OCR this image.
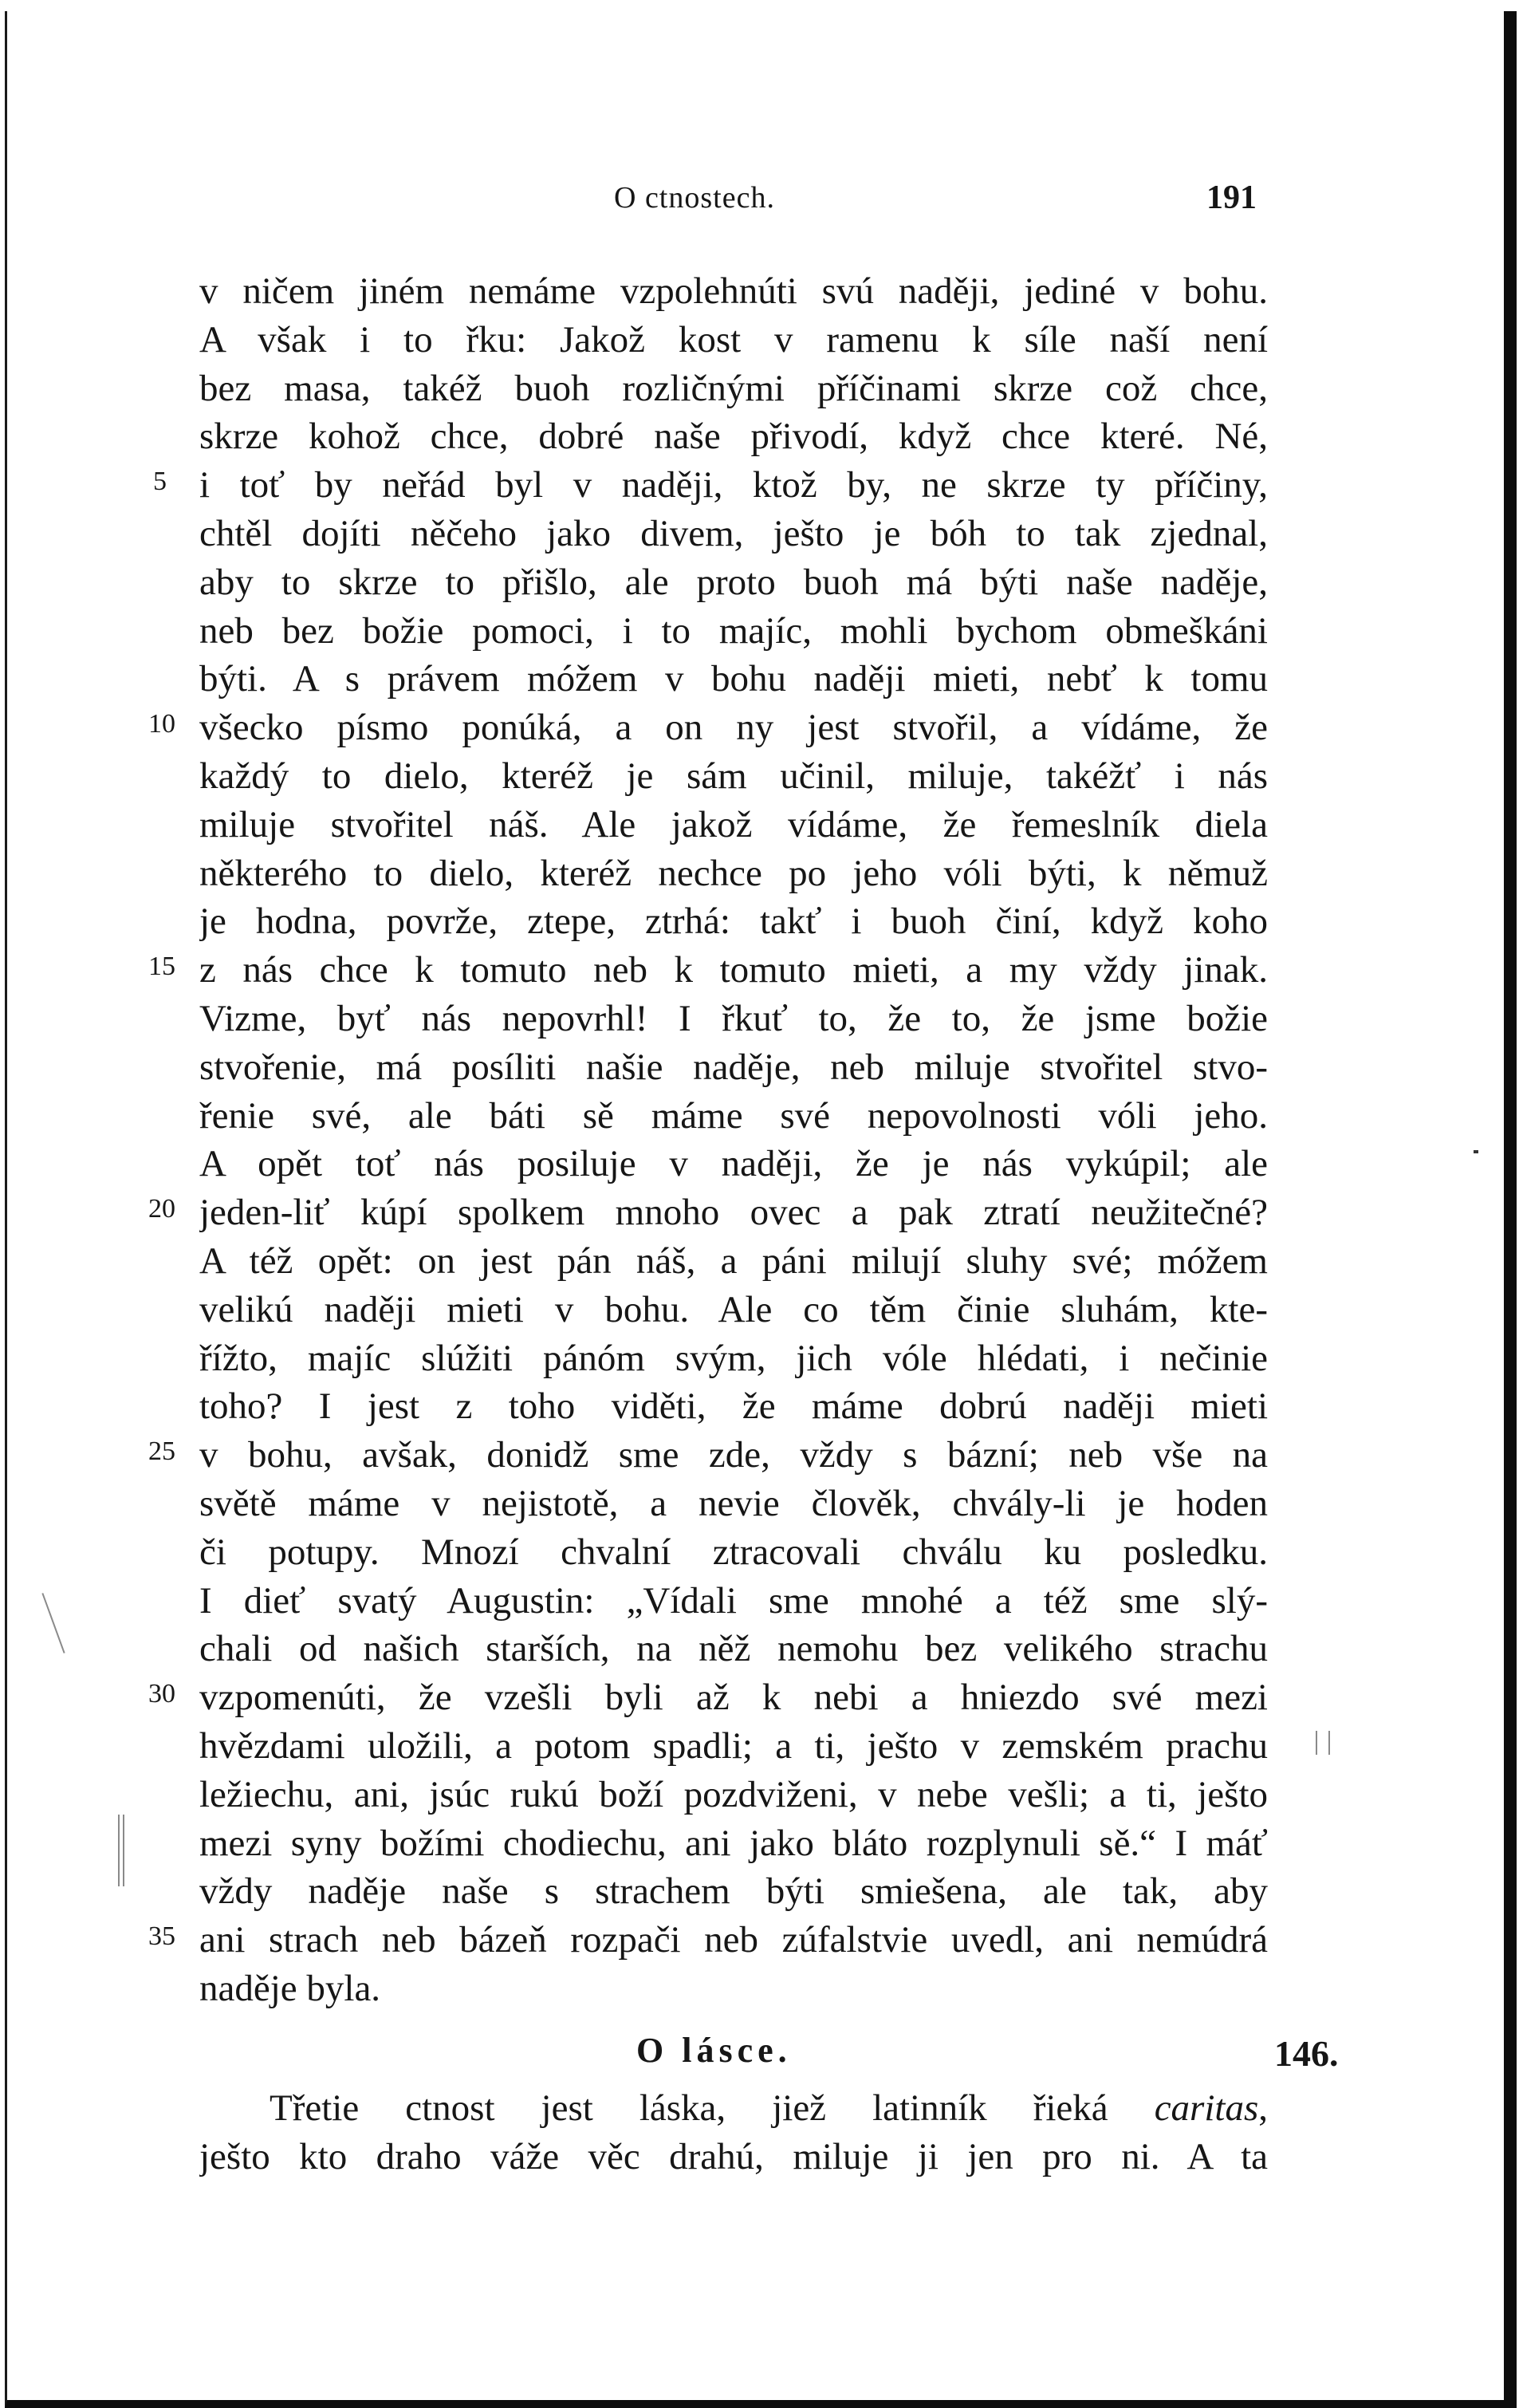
O ctnostech.	191
v ničem jiném nemáme vzpolehnúti svú naději, jediné v bohu.
A však i to řku: Jakož kost v ramenu k síle naší není
bez masa, takéž buoh rozličnými příčinami skrze což chce,
skrze kohož chce, dobré naše přivodí, když chce které. Né,
i toť by neřád byl v naději, ktož by, ne skrze ty příčiny,
chtěl dojíti něčeho jako divem, ješto je bóh to tak zjednal,
aby to skrze to přišlo, ale proto buoh má býti naše naděje,
neb bez božie pomoci, i to majíc, mohli bychom obmeškáni
býti. A s právem móžem v bohu naději mieti, nebť k tomu
všecko písmo ponúká, a on ny jest stvořil, a vídáme, že
každý to dielo, kteréž je sám učinil, miluje, takéžť i nás
miluje stvořitel náš. Ale jakož vídáme, že řemeslník diela
některého to dielo, kteréž nechce po jeho vóli býti, k němuž
je hodna, povrže, ztepe, ztrhá: takť i buoh činí, když koho
z nás chce k tomuto neb k tomuto mieti, a my vždy jinak.
Vizme, byť nás nepovrhl! I řkuť to, že to, že jsme božie
stvořenie, má posíliti našie naděje, neb miluje stvořitel stvo-
řenie své, ale báti sě máme své nepovolnosti vóli jeho.
A opět toť nás posiluje v naději, že je nás vykúpil; ale
jeden-liť kúpí spolkem mnoho ovec a pak ztratí neužitečné?
A též opět: on jest pán náš, a páni milují sluhy své; móžem
velikú naději mieti v bohu. Ale co těm činie sluhám, kte-
řížto, majíc slúžiti pánóm svým, jich vóle hlédati, i nečinie
toho? I jest z toho viděti, že máme dobrú naději mieti
v bohu, avšak, donidž sme zde, vždy s bázní; neb vše na
světě máme v nejistotě, a nevie člověk, chvály-li je hoden
či potupy. Mnozí chvalní ztracovali chválu ku posledku.
I dieť svatý Augustin: „Vídali sme mnohé a též sme slý-
chali od našich starších, na něž nemohu bez velikého strachu
vzpomenúti, že vzešli byli až k nebi a hniezdo své mezi
hvězdami uložili, a potom spadli; a ti, ješto v zemském prachu
ležiechu, ani, jsúc rukú boží pozdviženi, v nebe vešli; a ti, ješto
mezi syny božími chodiechu, ani jako bláto rozplynuli sě.“ I máť
vždy naděje naše s strachem býti smiešena, ale tak, aby
ani strach neb bázeň rozpači neb zúfalstvie uvedl, ani nemúdrá
naděje byla.
5
10
15
20
25
30
35
O lásce.	146.
Třetie ctnost jest láska, jiež latinník řieká caritas,
ješto kto draho váže věc drahú, miluje ji jen pro ni. A ta
